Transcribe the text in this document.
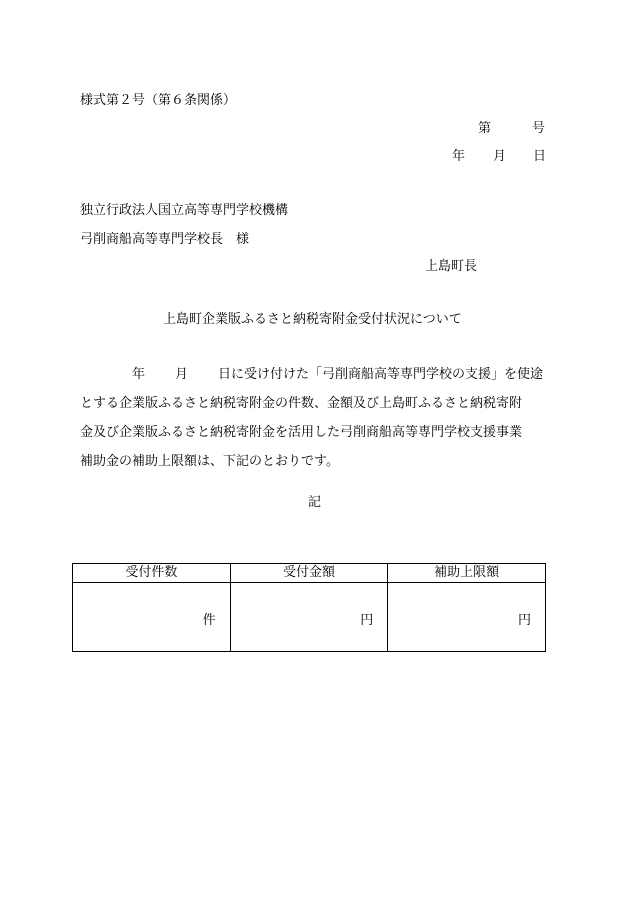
様式第２号（第６条関係）
第	号
年 月 日
独立行政法人国立高等専門学校機構
弓削商船高等専門学校長　様
上島町長
上島町企業版ふるさと納税寄附金受付状況について
年 月 日に受け付けた「弓削商船高等専門学校の支援」を使途
とする企業版ふるさと納税寄附金の件数、金額及び上島町ふるさと納税寄附
金及び企業版ふるさと納税寄附金を活用した弓削商船高等専門学校支援事業
補助金の補助上限額は、下記のとおりです。
記
受付件数	受付金額	補助上限額
件	円	円
